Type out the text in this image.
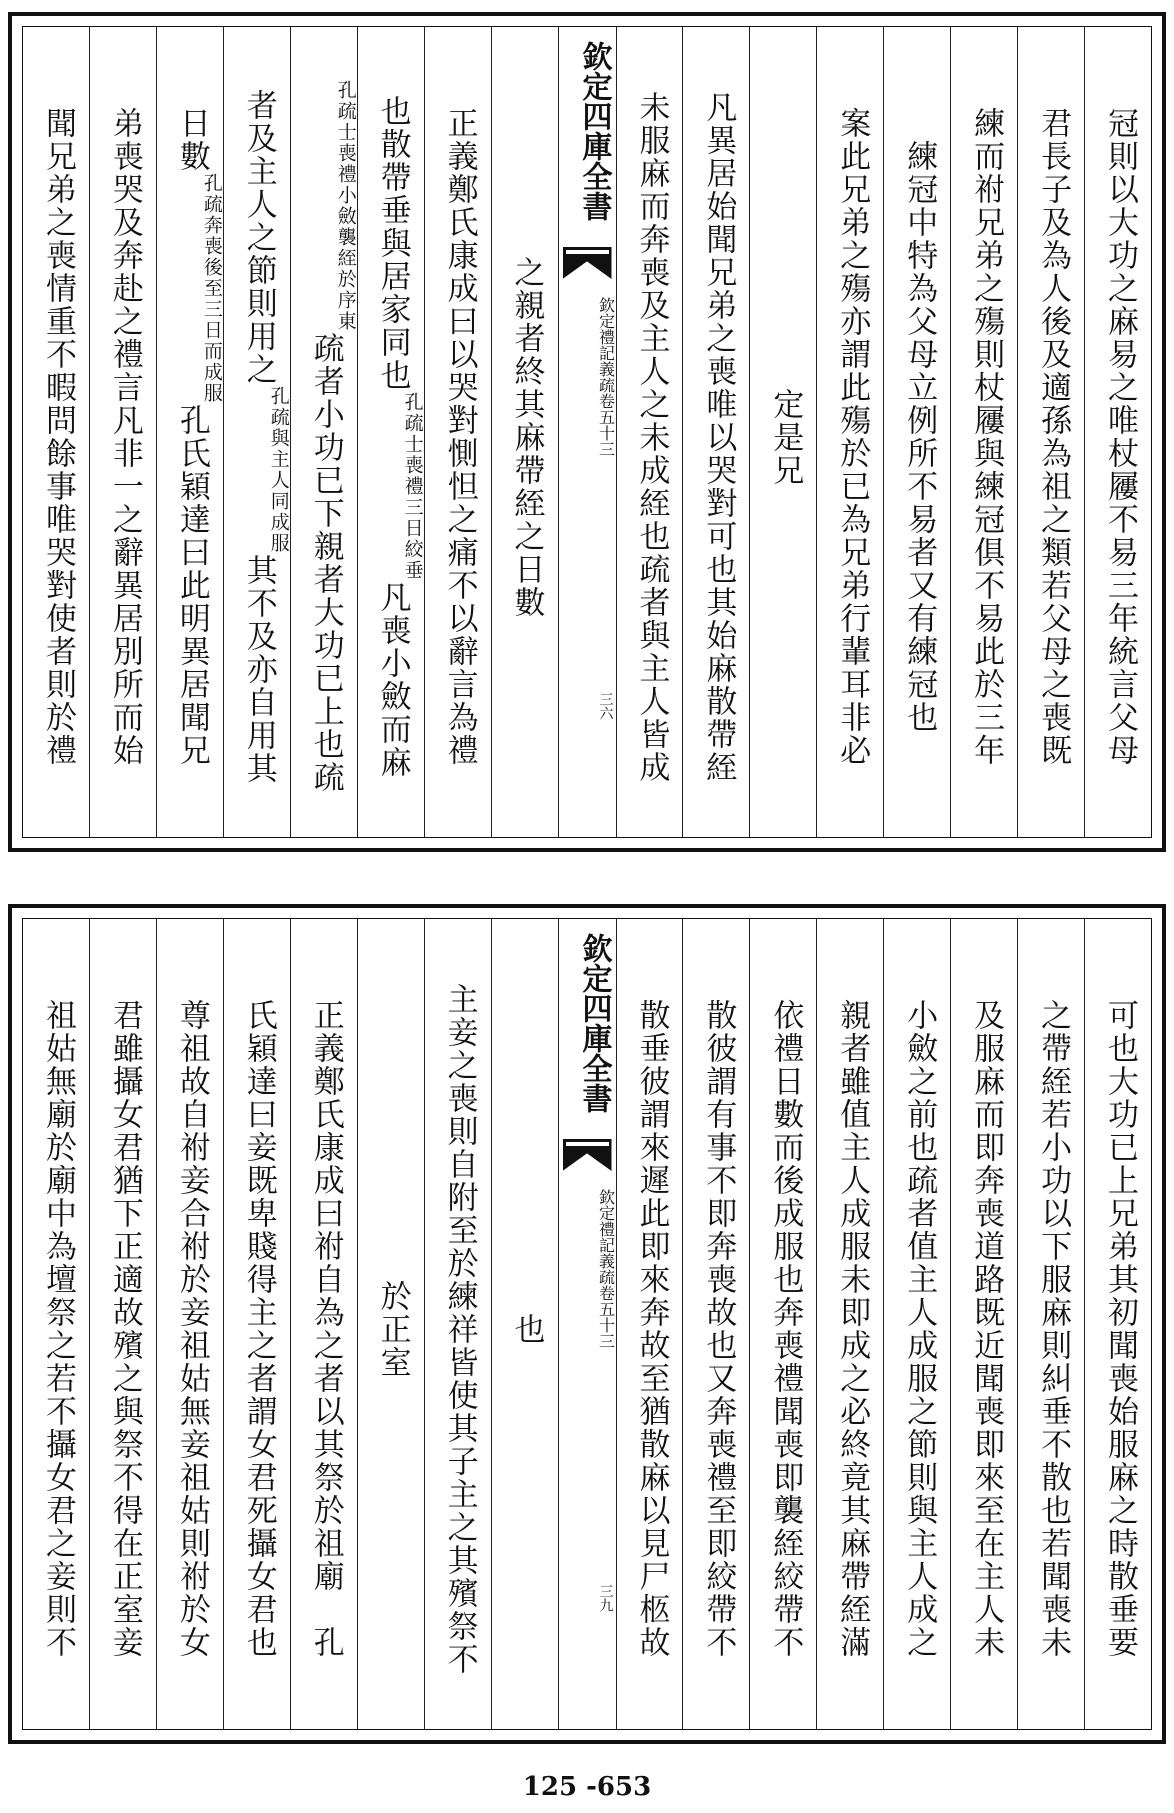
冠則以大功之麻易之唯杖屨不易三年統言父母
君長子及為人後及適孫為祖之類若父母之喪既
練而祔兄弟之殤則杖屨與練冠俱不易此於三年
練冠中特為父母立例所不易者又有練冠也
案此兄弟之殤亦謂此殤於已為兄弟行輩耳非必
定是兄
凡異居始聞兄弟之喪唯以哭對可也其始麻散帶絰
未服麻而奔喪及主人之未成絰也疏者與主人皆成
欽定四庫全書
欽定禮記義疏
卷五十三
三六
之親者終其麻帶絰之日數
正義鄭氏康成曰以哭對惻怛之痛不以辭言為禮
也散帶垂與居家同也
孔疏士喪禮三日絞垂
凡喪小斂而麻
孔疏士喪禮小斂襲絰於序東
疏者小功已下親者大功已上也疏
者及主人之節則用之
孔疏與主人同成服
其不及亦自用其
日數
孔疏奔喪後至三日而成服
孔氏穎達曰此明異居聞兄
弟喪哭及奔赴之禮言凡非一之辭異居別所而始
聞兄弟之喪情重不暇問餘事唯哭對使者則於禮
可也大功已上兄弟其初聞喪始服麻之時散垂要
之帶絰若小功以下服麻則糾垂不散也若聞喪未
及服麻而即奔喪道路既近聞喪即來至在主人未
小斂之前也疏者值主人成服之節則與主人成之
親者雖值主人成服未即成之必終竟其麻帶絰滿
依禮日數而後成服也奔喪禮聞喪即襲絰絞帶不
散彼謂有事不即奔喪故也又奔喪禮至即絞帶不
散垂彼謂來遲此即來奔故至猶散麻以見尸柩故
欽定四庫全書
欽定禮記義疏
卷五十三
三九
也
主妾之喪則自附至於練祥皆使其子主之其殯祭不
於正室
正義鄭氏康成曰祔自為之者以其祭於祖廟　孔
氏穎達曰妾既卑賤得主之者謂女君死攝女君也
尊祖故自祔妾合祔於妾祖姑無妾祖姑則祔於女
君雖攝女君猶下正適故殯之與祭不得在正室妾
祖姑無廟於廟中為壇祭之若不攝女君之妾則不
125 -653
